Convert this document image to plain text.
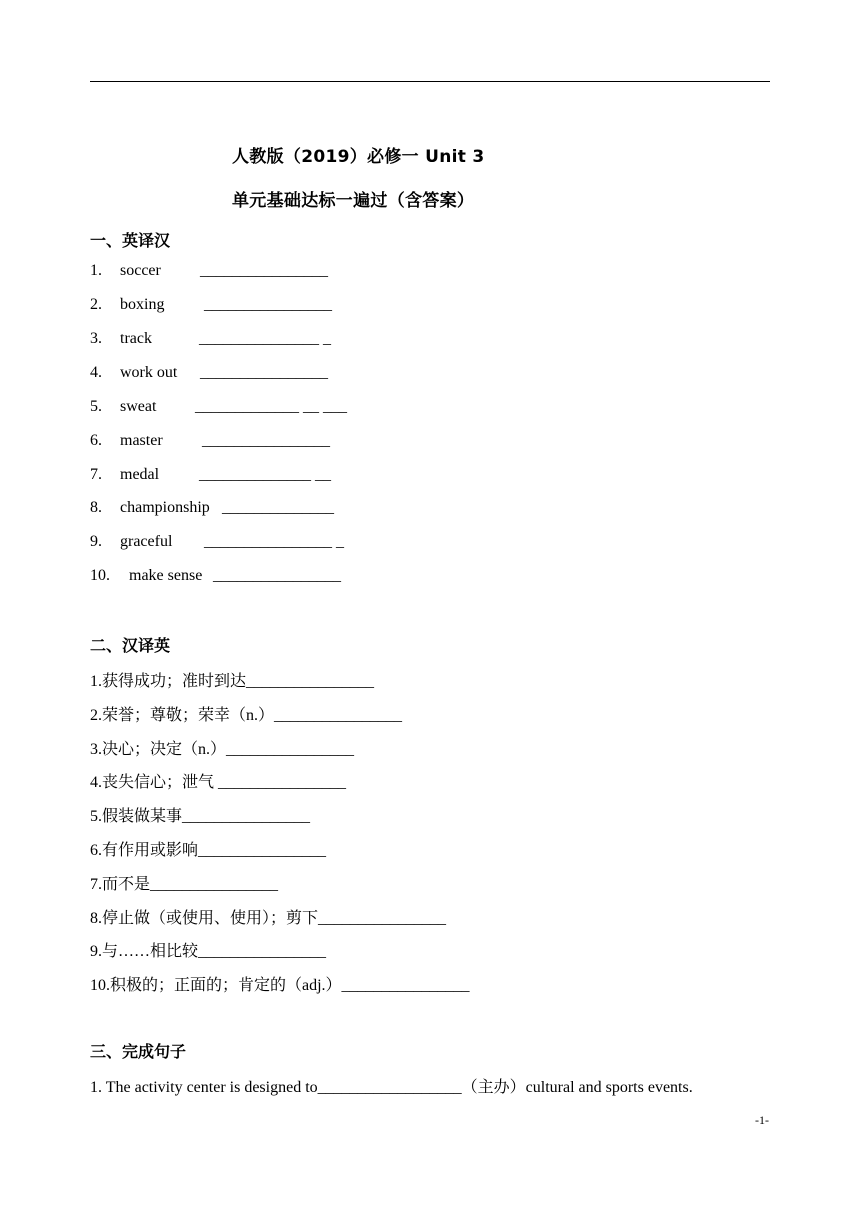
人教版（2019）必修一 Unit 3
单元基础达标一遍过（含答案）
一、英译汉
1. soccer ________________
2. boxing ________________
3. track	_______________ _
4. work out ________________
5. sweat _____________ __ ___
6. master ________________
7. medal ______________ __
8. championship ______________
9. graceful ________________ _
10. make sense ________________
二、汉译英
1.获得成功；准时到达________________
2.荣誉；尊敬；荣幸（n.）________________
3.决心；决定（n.）________________
4.丧失信心；泄气 ________________
5.假装做某事________________
6.有作用或影响________________
7.而不是________________
8.停止做（或使用、使用）；剪下________________
9.与……相比较________________
10.积极的；正面的；肯定的（adj.）________________
三、完成句子
1. The activity center is designed to__________________（主办）cultural and sports events.
-1-
